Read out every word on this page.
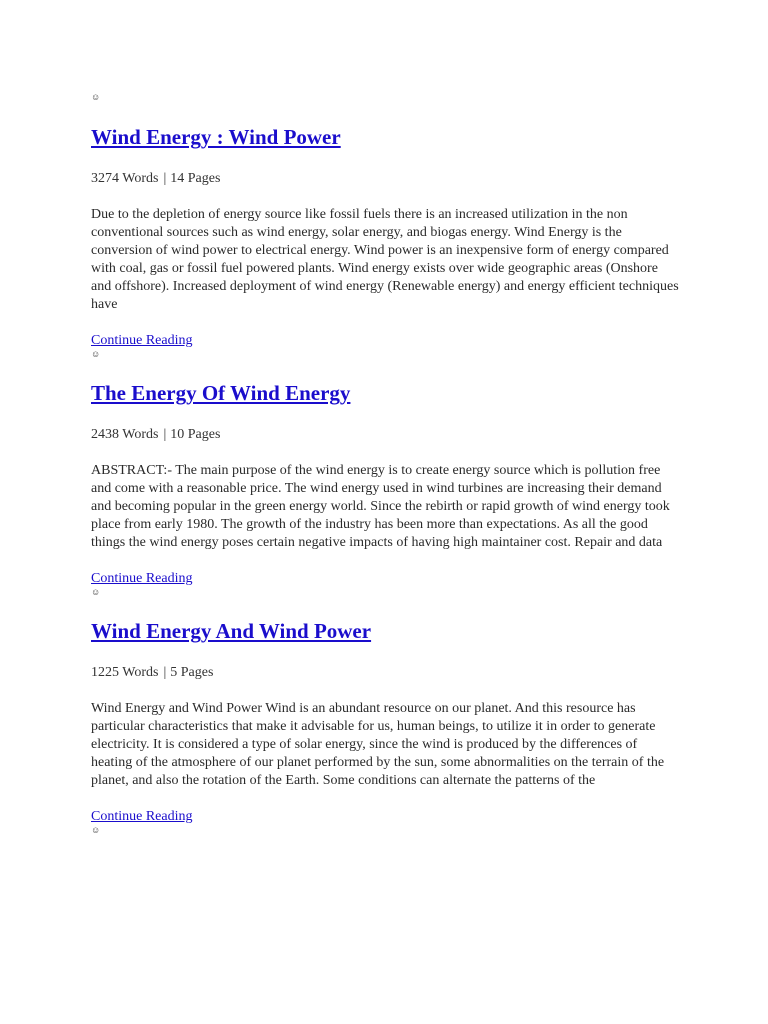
☺
Wind Energy : Wind Power
3274 Words | 14 Pages
Due to the depletion of energy source like fossil fuels there is an increased utilization in the non conventional sources such as wind energy, solar energy, and biogas energy. Wind Energy is the conversion of wind power to electrical energy. Wind power is an inexpensive form of energy compared with coal, gas or fossil fuel powered plants. Wind energy exists over wide geographic areas (Onshore and offshore). Increased deployment of wind energy (Renewable energy) and energy efficient techniques have
Continue Reading
☺
The Energy Of Wind Energy
2438 Words | 10 Pages
ABSTRACT:- The main purpose of the wind energy is to create energy source which is pollution free and come with a reasonable price. The wind energy used in wind turbines are increasing their demand and becoming popular in the green energy world. Since the rebirth or rapid growth of wind energy took place from early 1980. The growth of the industry has been more than expectations. As all the good things the wind energy poses certain negative impacts of having high maintainer cost. Repair and data
Continue Reading
☺
Wind Energy And Wind Power
1225 Words | 5 Pages
Wind Energy and Wind Power Wind is an abundant resource on our planet. And this resource has particular characteristics that make it advisable for us, human beings, to utilize it in order to generate electricity. It is considered a type of solar energy, since the wind is produced by the differences of heating of the atmosphere of our planet performed by the sun, some abnormalities on the terrain of the planet, and also the rotation of the Earth. Some conditions can alternate the patterns of the
Continue Reading
☺
